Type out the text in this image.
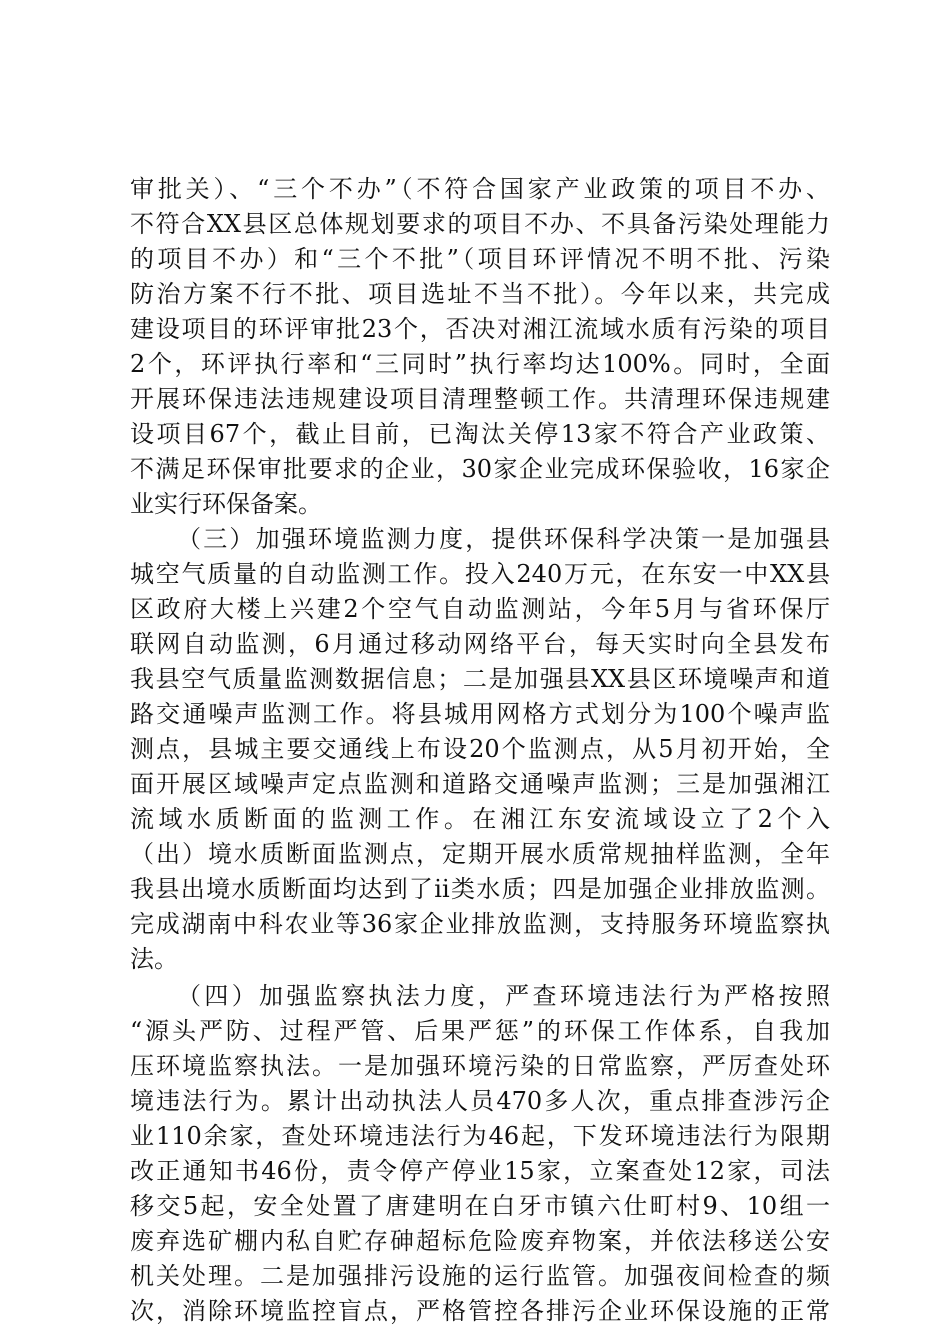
审批关）、“三个不办”（不符合国家产业政策的项目不办、
不符合XX县区总体规划要求的项目不办、不具备污染处理能力
的项目不办）和“三个不批”（项目环评情况不明不批、污染
防治方案不行不批、项目选址不当不批）。今年以来，共完成
建设项目的环评审批23个，否决对湘江流域水质有污染的项目
2个，环评执行率和“三同时”执行率均达100%。同时，全面
开展环保违法违规建设项目清理整顿工作。共清理环保违规建
设项目67个，截止目前，已淘汰关停13家不符合产业政策、
不满足环保审批要求的企业，30家企业完成环保验收，16家企
业实行环保备案。
（三）加强环境监测力度，提供环保科学决策一是加强县
城空气质量的自动监测工作。投入240万元，在东安一中XX县
区政府大楼上兴建2个空气自动监测站，今年5月与省环保厅
联网自动监测，6月通过移动网络平台，每天实时向全县发布
我县空气质量监测数据信息；二是加强县XX县区环境噪声和道
路交通噪声监测工作。将县城用网格方式划分为100个噪声监
测点，县城主要交通线上布设20个监测点，从5月初开始，全
面开展区域噪声定点监测和道路交通噪声监测；三是加强湘江
流域水质断面的监测工作。在湘江东安流域设立了2个入
（出）境水质断面监测点，定期开展水质常规抽样监测，全年
我县出境水质断面均达到了ii类水质；四是加强企业排放监测。
完成湖南中科农业等36家企业排放监测，支持服务环境监察执
法。
（四）加强监察执法力度，严查环境违法行为严格按照
“源头严防、过程严管、后果严惩”的环保工作体系，自我加
压环境监察执法。一是加强环境污染的日常监察，严厉查处环
境违法行为。累计出动执法人员470多人次，重点排查涉污企
业110余家，查处环境违法行为46起，下发环境违法行为限期
改正通知书46份，责令停产停业15家，立案查处12家，司法
移交5起，安全处置了唐建明在白牙市镇六仕町村9、10组一
废弃选矿棚内私自贮存砷超标危险废弃物案，并依法移送公安
机关处理。二是加强排污设施的运行监管。加强夜间检查的频
次，消除环境监控盲点，严格管控各排污企业环保设施的正常
